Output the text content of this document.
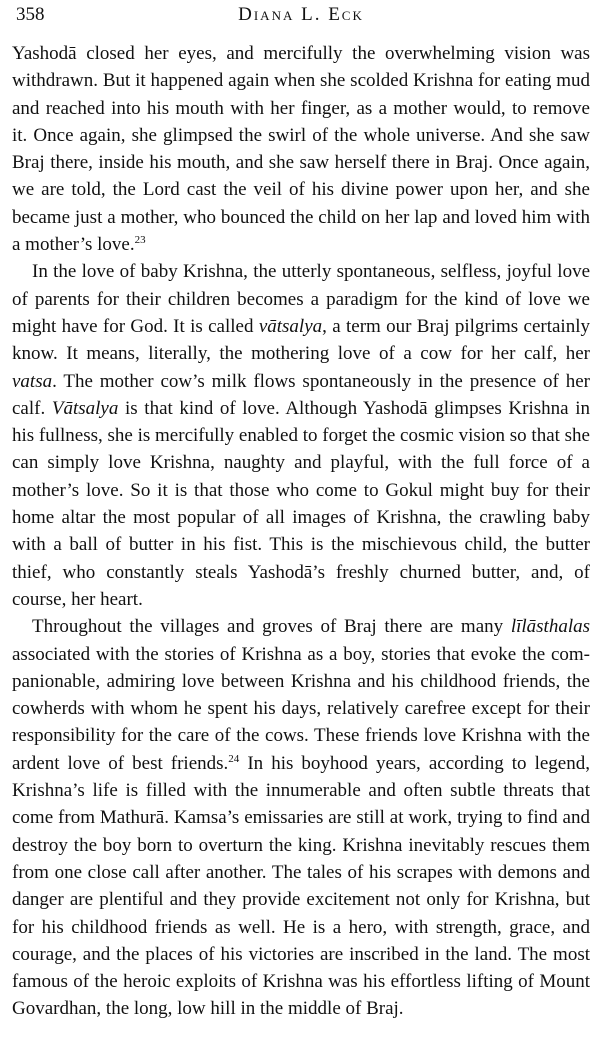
358	Diana L. Eck

Yashodā closed her eyes, and mercifully the overwhelming vision was withdrawn. But it happened again when she scolded Krishna for eating mud and reached into his mouth with her finger, as a mother would, to remove it. Once again, she glimpsed the swirl of the whole universe. And she saw Braj there, inside his mouth, and she saw herself there in Braj. Once again, we are told, the Lord cast the veil of his divine power upon her, and she became just a mother, who bounced the child on her lap and loved him with a mother’s love.$^{23}$

In the love of baby Krishna, the utterly spontaneous, selfless, joyful love of parents for their children becomes a paradigm for the kind of love we might have for God. It is called vātsalya, a term our Braj pilgrims certainly know. It means, literally, the mothering love of a cow for her calf, her vatsa. The mother cow’s milk flows spontaneously in the presence of her calf. Vātsalya is that kind of love. Although Yashodā glimpses Krishna in his fullness, she is mercifully enabled to forget the cosmic vision so that she can simply love Krishna, naughty and playful, with the full force of a mother’s love. So it is that those who come to Gokul might buy for their home altar the most popular of all images of Krishna, the crawling baby with a ball of butter in his fist. This is the mischievous child, the butter thief, who constantly steals Yashodā’s freshly churned butter, and, of course, her heart.

Throughout the villages and groves of Braj there are many līlāsthalas associated with the stories of Krishna as a boy, stories that evoke the companionable, admiring love between Krishna and his childhood friends, the cowherds with whom he spent his days, relatively carefree except for their responsibility for the care of the cows. These friends love Krishna with the ardent love of best friends.$^{24}$ In his boyhood years, according to legend, Krishna’s life is filled with the innumerable and often subtle threats that come from Mathurā. Kamsa’s emissaries are still at work, trying to find and destroy the boy born to overturn the king. Krishna inevitably rescues them from one close call after another. The tales of his scrapes with demons and danger are plentiful and they provide excitement not only for Krishna, but for his childhood friends as well. He is a hero, with strength, grace, and courage, and the places of his victories are inscribed in the land. The most famous of the heroic exploits of Krishna was his effortless lifting of Mount Govardhan, the long, low hill in the middle of Braj.
